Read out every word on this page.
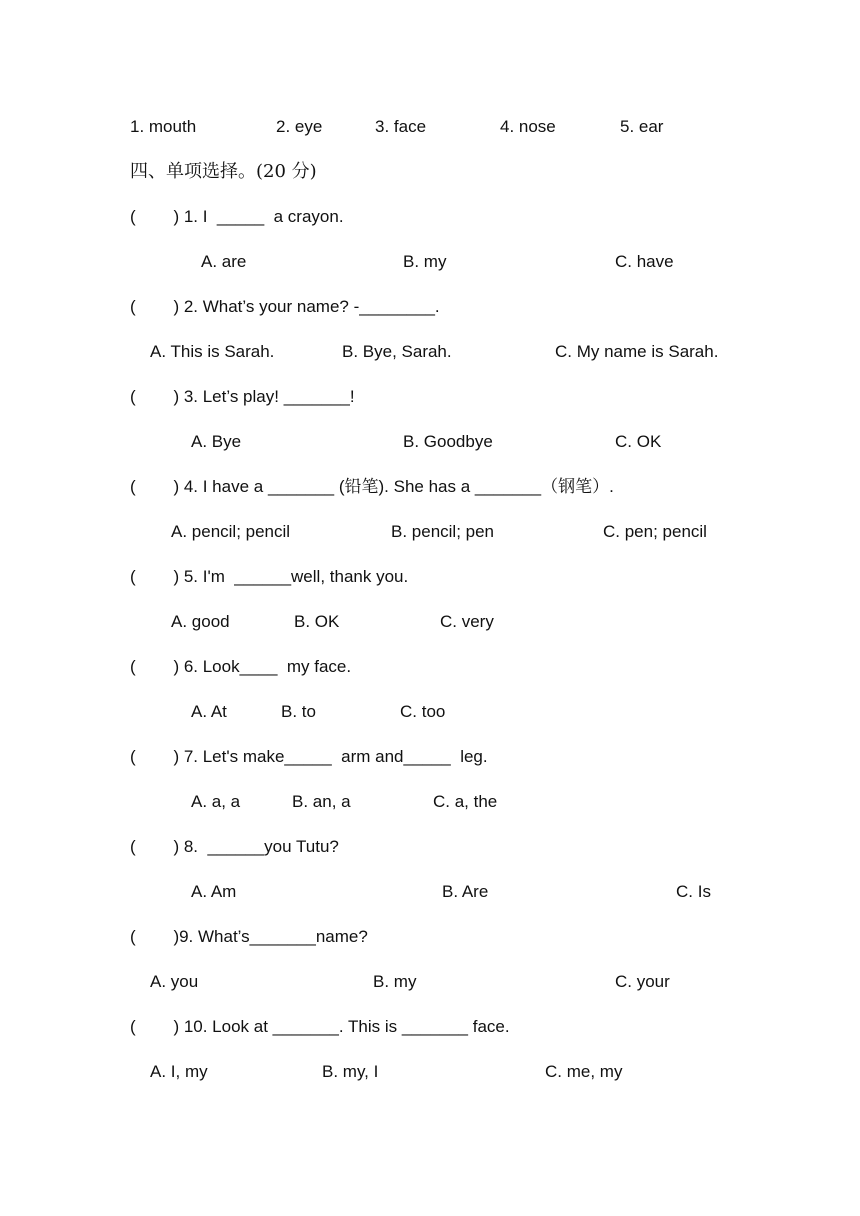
1. mouth

	2. eye

	3. face

	4. nose

	5. ear

四、单项选择。(20 分)

(        ) 1. I  _____  a crayon.

A. are

	B. my

	C. have

(        ) 2. What’s your name? -________.

A. This is Sarah.

	B. Bye, Sarah.

	C. My name is Sarah.

(        ) 3. Let’s play! _______!

A. Bye

	B. Goodbye

	C. OK

(        ) 4. I have a _______ (铅笔). She has a _______（钢笔）.

A. pencil; pencil

	B. pencil; pen

	C. pen; pencil

(        ) 5. I'm  ______well, thank you.

A. good

	B. OK

	C. very

(        ) 6. Look____  my face.

A. At

	B. to

	C. too

(        ) 7. Let's make_____  arm and_____  leg.

A. a, a

	B. an, a

	C. a, the

(        ) 8.  ______you Tutu?

A. Am

	B. Are

	C. Is

(        )9. What’s_______name?

A. you

	B. my

	C. your

(        ) 10. Look at _______. This is _______ face.

A. I, my

	B. my, I

	C. me, my
